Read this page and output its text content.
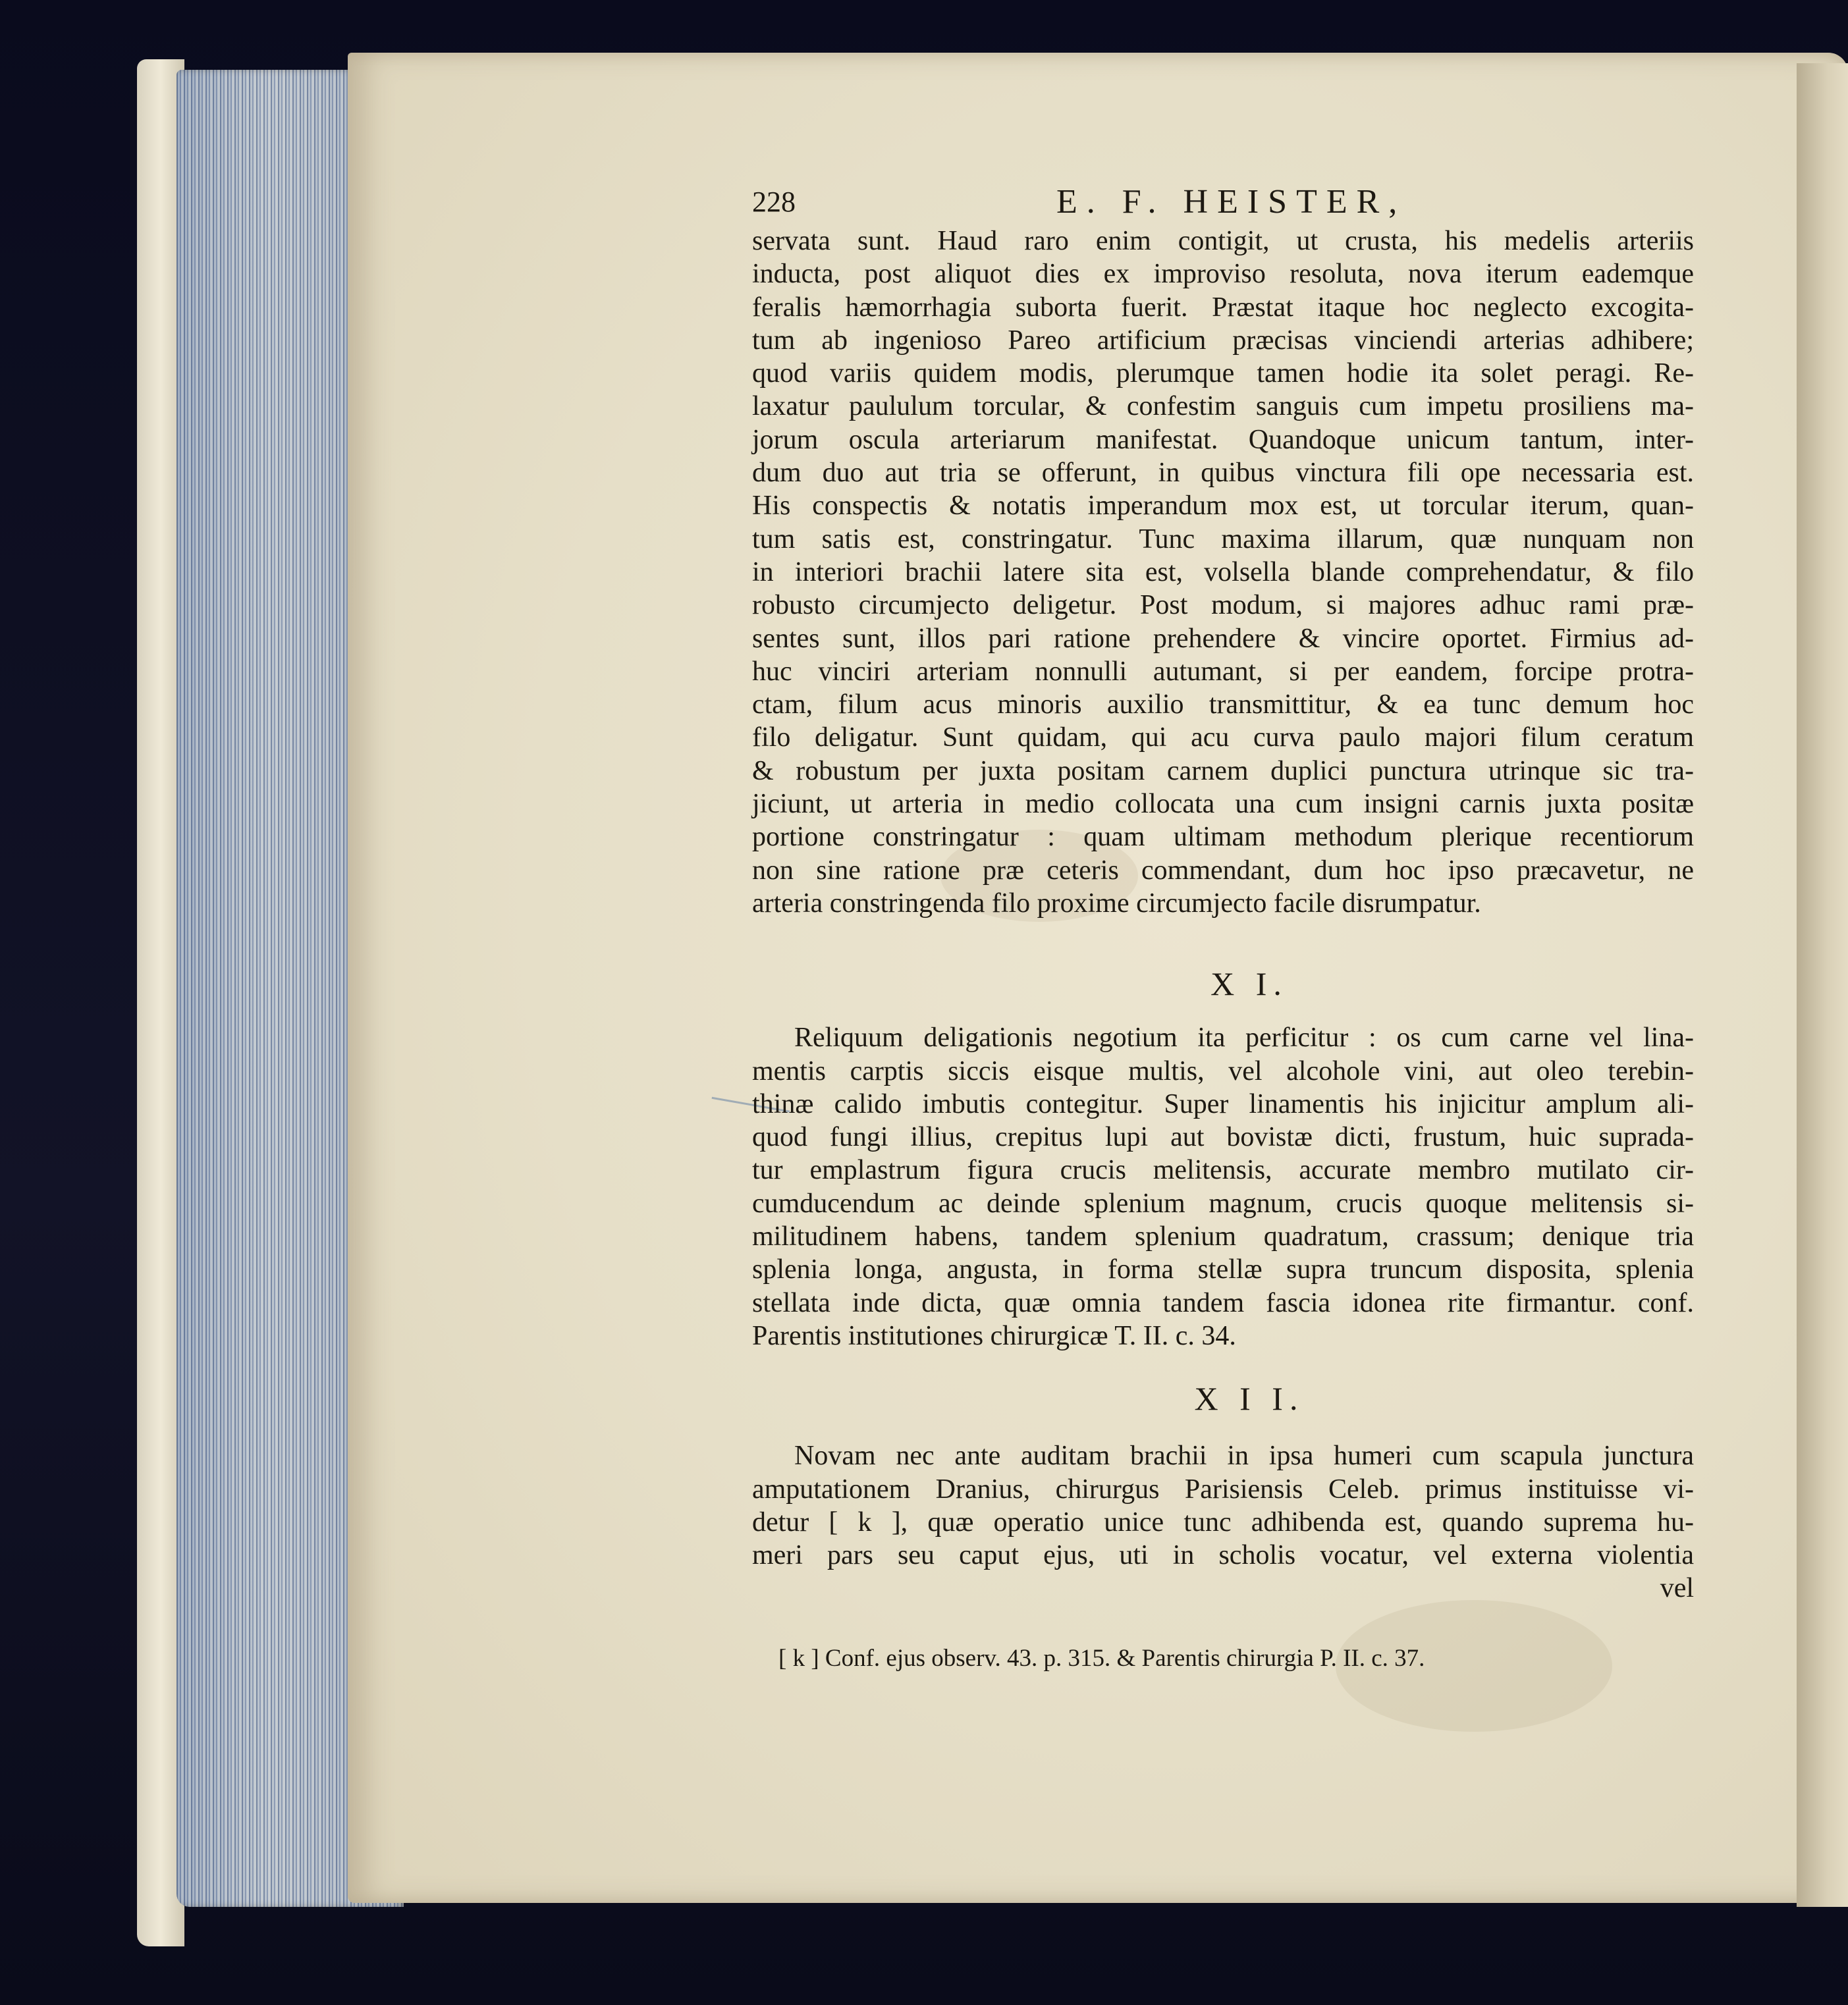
228	E. F. HEISTER,
servata sunt. Haud raro enim contigit, ut crusta, his medelis arteriis
inducta, post aliquot dies ex improviso resoluta, nova iterum eademque
feralis hæmorrhagia suborta fuerit. Præstat itaque hoc neglecto excogita-
tum ab ingenioso Pareo artificium præcisas vinciendi arterias adhibere;
quod variis quidem modis, plerumque tamen hodie ita solet peragi. Re-
laxatur paululum torcular, & confestim sanguis cum impetu prosiliens ma-
jorum oscula arteriarum manifestat. Quandoque unicum tantum, inter-
dum duo aut tria se offerunt, in quibus vinctura fili ope necessaria est.
His conspectis & notatis imperandum mox est, ut torcular iterum, quan-
tum satis est, constringatur. Tunc maxima illarum, quæ nunquam non
in interiori brachii latere sita est, volsella blande comprehendatur, & filo
robusto circumjecto deligetur. Post modum, si majores adhuc rami præ-
sentes sunt, illos pari ratione prehendere & vincire oportet. Firmius ad-
huc vinciri arteriam nonnulli autumant, si per eandem, forcipe protra-
ctam, filum acus minoris auxilio transmittitur, & ea tunc demum hoc
filo deligatur. Sunt quidam, qui acu curva paulo majori filum ceratum
& robustum per juxta positam carnem duplici punctura utrinque sic tra-
jiciunt, ut arteria in medio collocata una cum insigni carnis juxta positæ
portione constringatur : quam ultimam methodum plerique recentiorum
non sine ratione præ ceteris commendant, dum hoc ipso præcavetur, ne
arteria constringenda filo proxime circumjecto facile disrumpatur.
X I.
Reliquum deligationis negotium ita perficitur : os cum carne vel lina-
mentis carptis siccis eisque multis, vel alcohole vini, aut oleo terebin-
thinæ calido imbutis contegitur. Super linamentis his injicitur amplum ali-
quod fungi illius, crepitus lupi aut bovistæ dicti, frustum, huic suprada-
tur emplastrum figura crucis melitensis, accurate membro mutilato cir-
cumducendum ac deinde splenium magnum, crucis quoque melitensis si-
militudinem habens, tandem splenium quadratum, crassum; denique tria
splenia longa, angusta, in forma stellæ supra truncum disposita, splenia
stellata inde dicta, quæ omnia tandem fascia idonea rite firmantur. conf.
Parentis institutiones chirurgicæ T. II. c. 34.
X I I.
Novam nec ante auditam brachii in ipsa humeri cum scapula junctura
amputationem Dranius, chirurgus Parisiensis Celeb. primus instituisse vi-
detur [ k ], quæ operatio unice tunc adhibenda est, quando suprema hu-
meri pars seu caput ejus, uti in scholis vocatur, vel externa violentia
vel
[ k ] Conf. ejus observ. 43. p. 315. & Parentis chirurgia P. II. c. 37.
